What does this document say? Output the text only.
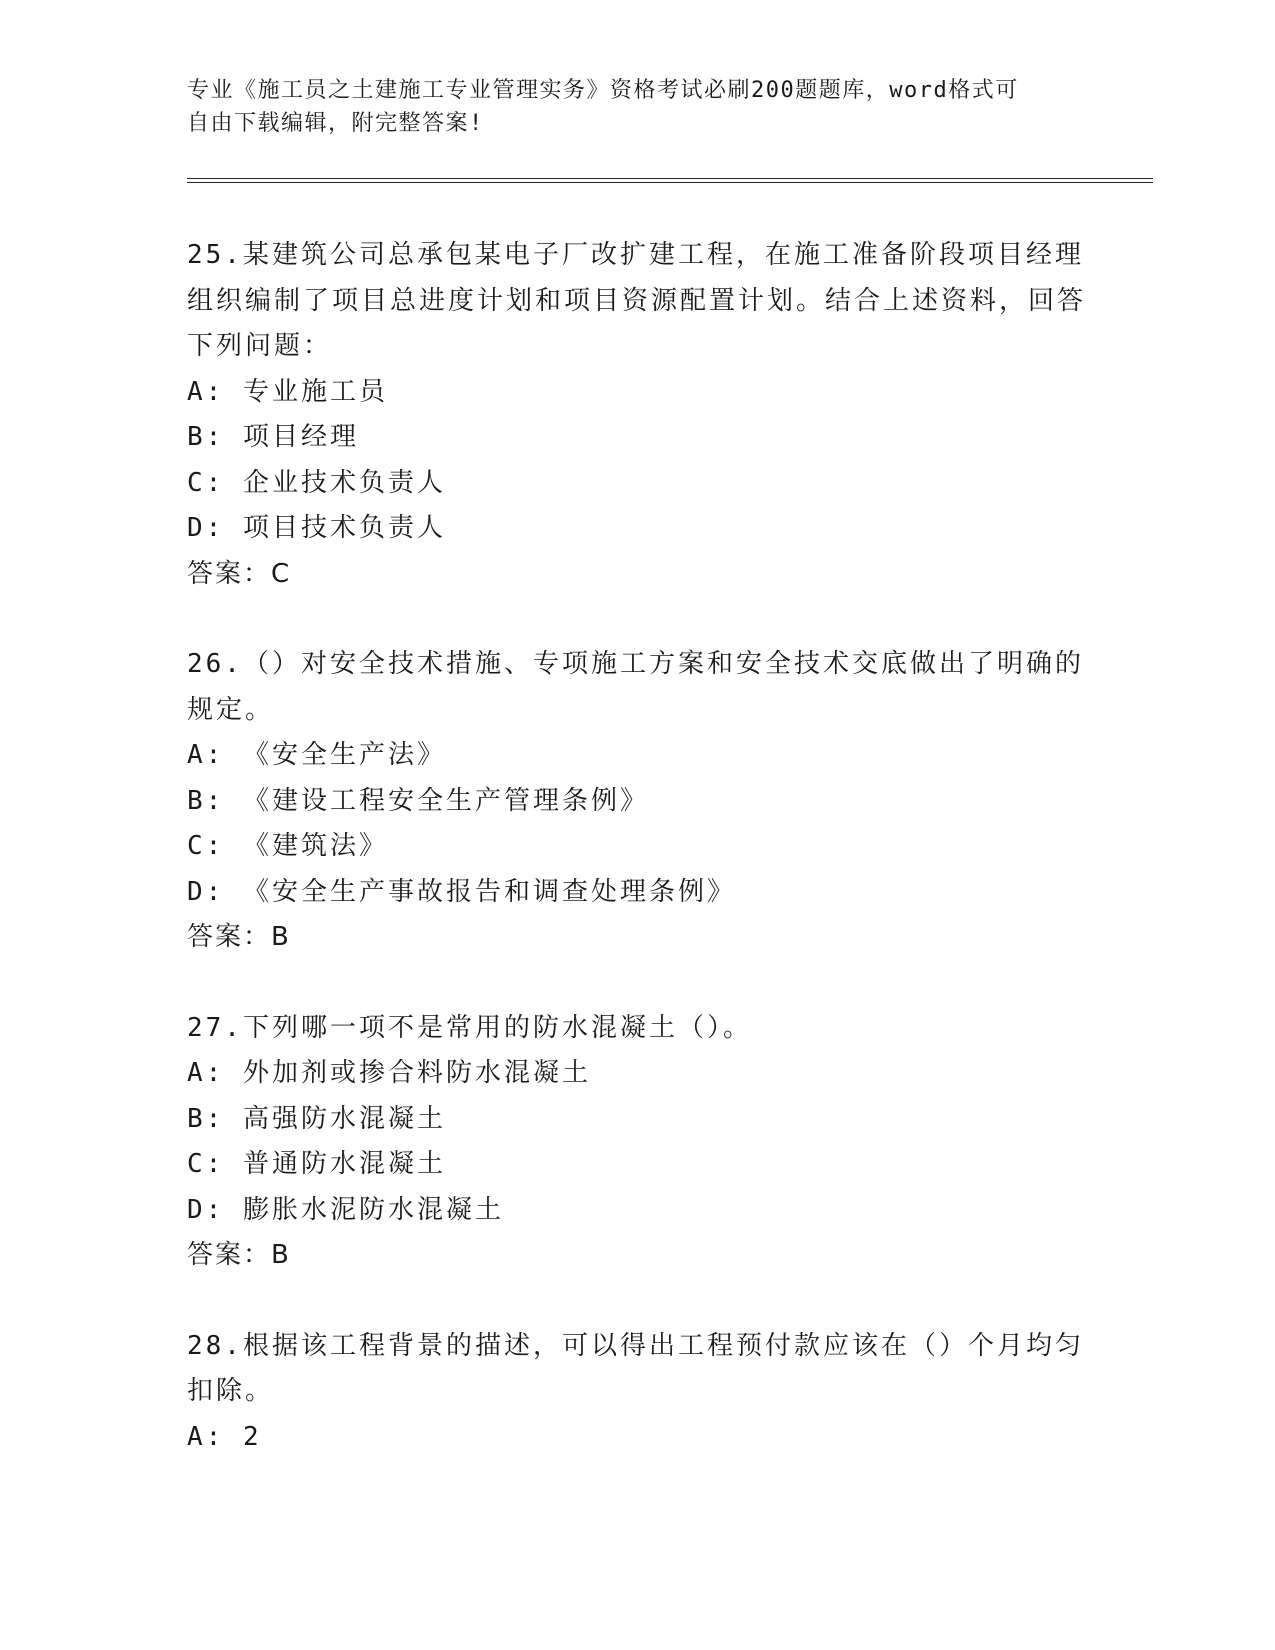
专业《施工员之土建施工专业管理实务》资格考试必刷200题题库，word格式可
自由下载编辑，附完整答案!
25.某建筑公司总承包某电子厂改扩建工程，在施工准备阶段项目经理组织编制了项目总进度计划和项目资源配置计划。结合上述资料，回答下列问题：
A: 专业施工员
B: 项目经理
C: 企业技术负责人
D: 项目技术负责人
答案：C
26.（）对安全技术措施、专项施工方案和安全技术交底做出了明确的规定。
A: 《安全生产法》
B: 《建设工程安全生产管理条例》
C: 《建筑法》
D: 《安全生产事故报告和调查处理条例》
答案：B
27.下列哪一项不是常用的防水混凝土（）。
A: 外加剂或掺合料防水混凝土
B: 高强防水混凝土
C: 普通防水混凝土
D: 膨胀水泥防水混凝土
答案：B
28.根据该工程背景的描述，可以得出工程预付款应该在（）个月均匀扣除。
A: 2
